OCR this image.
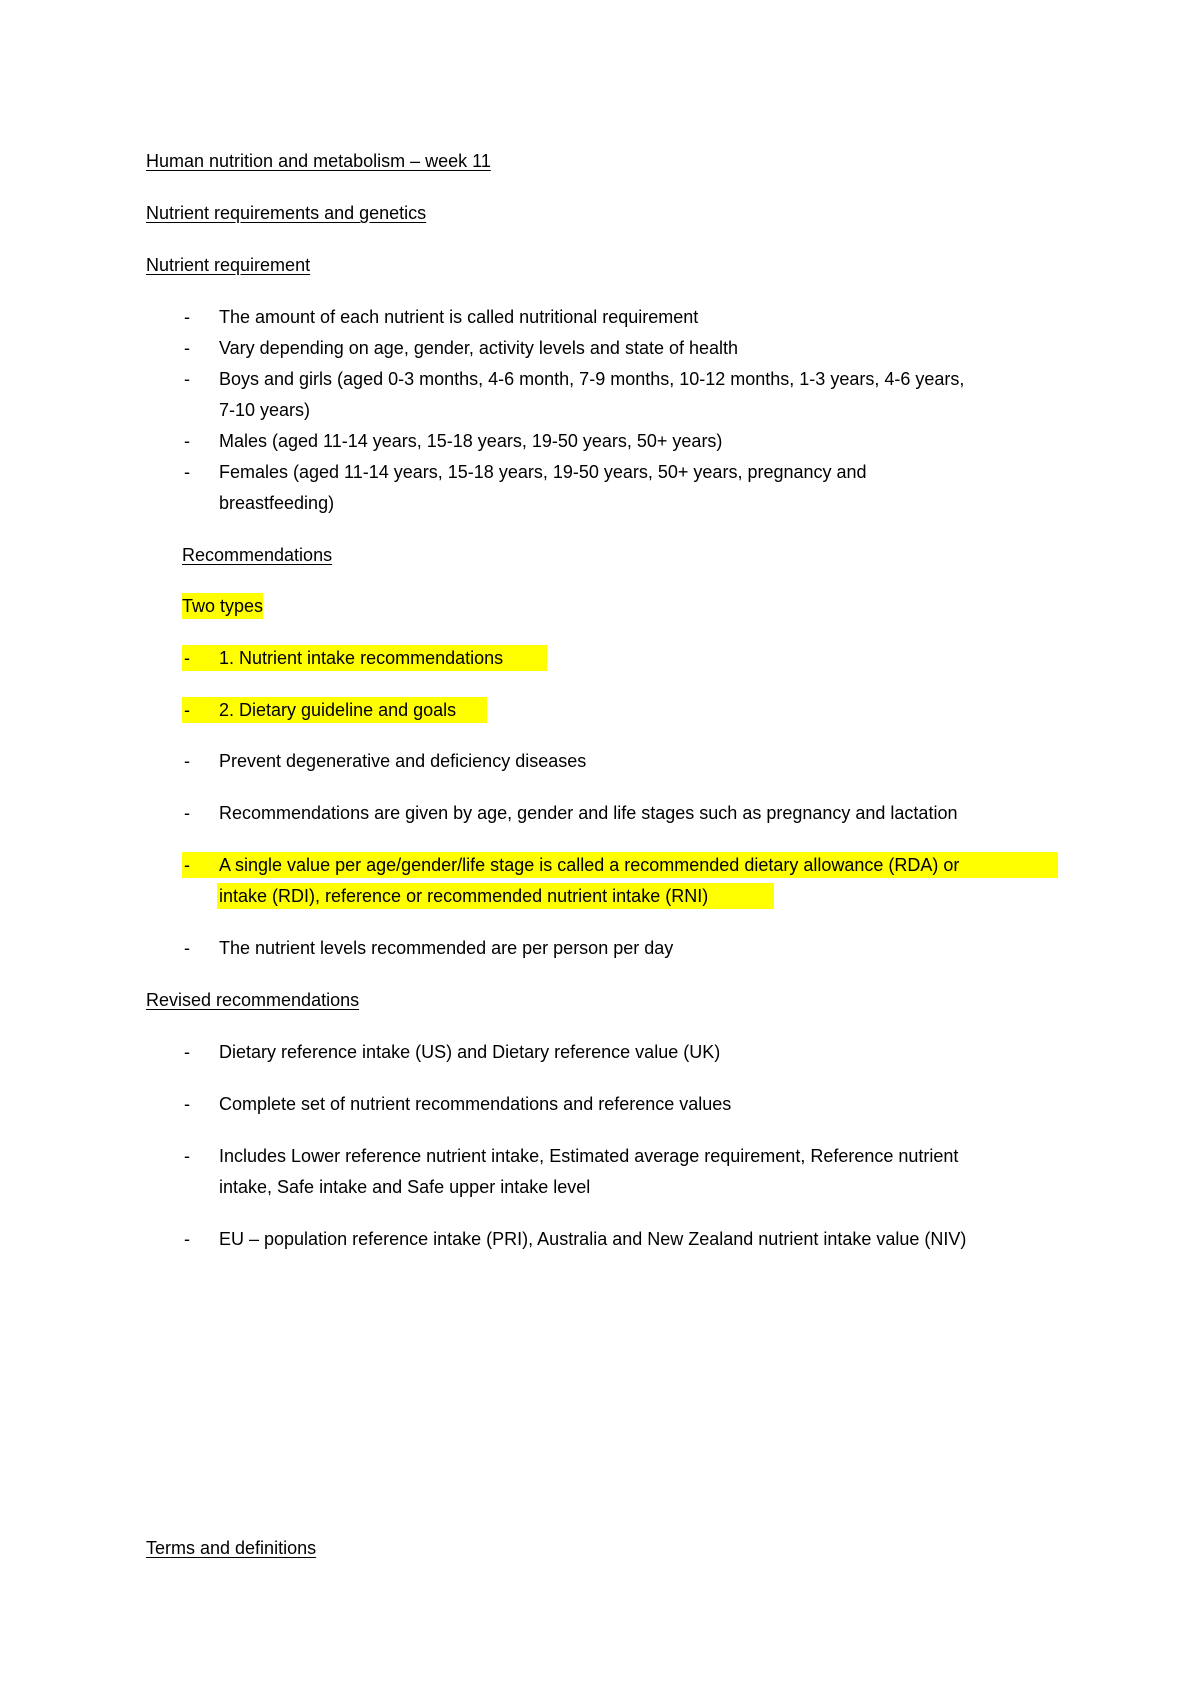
Human nutrition and metabolism – week 11
Nutrient requirements and genetics
Nutrient requirement
- The amount of each nutrient is called nutritional requirement
- Vary depending on age, gender, activity levels and state of health
- Boys and girls (aged 0-3 months, 4-6 month, 7-9 months, 10-12 months, 1-3 years, 4-6 years,
7-10 years)
- Males (aged 11-14 years, 15-18 years, 19-50 years, 50+ years)
- Females (aged 11-14 years, 15-18 years, 19-50 years, 50+ years, pregnancy and
breastfeeding)
Recommendations
Two types
- 1. Nutrient intake recommendations

- 2. Dietary guideline and goals

- Prevent degenerative and deficiency diseases
- Recommendations are given by age, gender and life stages such as pregnancy and lactation
- A single value per age/gender/life stage is called a recommended dietary allowance (RDA) or

intake (RDI), reference or recommended nutrient intake (RNI)

- The nutrient levels recommended are per person per day
Revised recommendations
- Dietary reference intake (US) and Dietary reference value (UK)
- Complete set of nutrient recommendations and reference values
- Includes Lower reference nutrient intake, Estimated average requirement, Reference nutrient
intake, Safe intake and Safe upper intake level
- EU – population reference intake (PRI), Australia and New Zealand nutrient intake value (NIV)
Terms and definitions
